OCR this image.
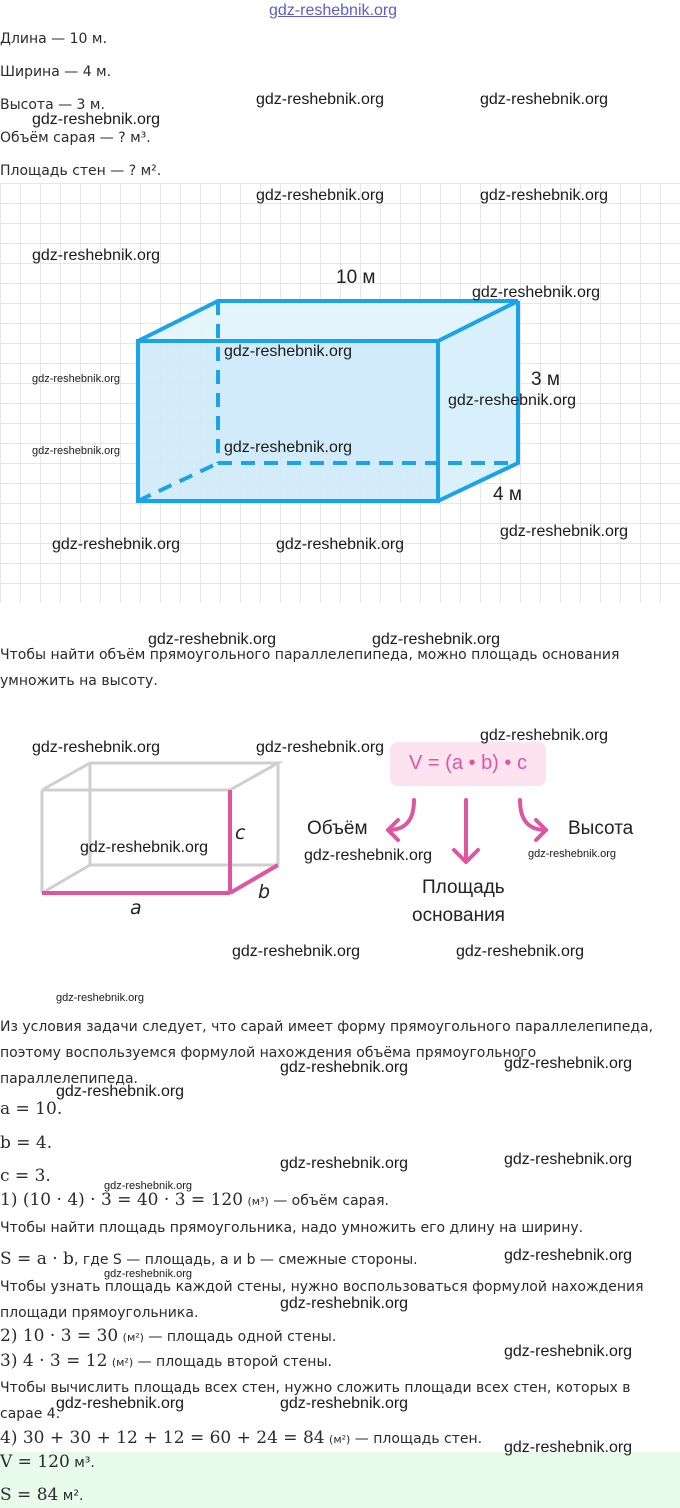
gdz-reshebnik.org
Длина — 10 м.
Ширина — 4 м.
Высота — 3 м.
Объём сарая — ? м³.
Площадь стен — ? м².
10 м
3 м
4 м
Чтобы найти объём прямоугольного параллелепипеда, можно площадь основания умножить на высоту.
a
b
c
V = (a • b) • c
Объём	Высота
Площадь
основания
Из условия задачи следует, что сарай имеет форму прямоугольного параллелепипеда, поэтому воспользуемся формулой нахождения объёма прямоугольного параллелепипеда.
a = 10.
b = 4.
c = 3.
1) (10 · 4) · 3 = 40 · 3 = 120 (м³) — объём сарая.
Чтобы найти площадь прямоугольника, надо умножить его длину на ширину.
S = a · b, где S — площадь, a и b — смежные стороны.
Чтобы узнать площадь каждой стены, нужно воспользоваться формулой нахождения площади прямоугольника.
2) 10 · 3 = 30 (м²) — площадь одной стены.
3) 4 · 3 = 12 (м²) — площадь второй стены.
Чтобы вычислить площадь всех стен, нужно сложить площади всех стен, которых в сарае 4.
4) 30 + 30 + 12 + 12 = 60 + 24 = 84 (м²) — площадь стен.
V = 120 м³.
S = 84 м².
gdz-reshebnik.org	gdz-reshebnik.org
gdz-reshebnik.org
gdz-reshebnik.org	gdz-reshebnik.org
gdz-reshebnik.org
gdz-reshebnik.org
gdz-reshebnik.org
gdz-reshebnik.org
gdz-reshebnik.org
gdz-reshebnik.org	gdz-reshebnik.org
gdz-reshebnik.org
gdz-reshebnik.org	gdz-reshebnik.org
gdz-reshebnik.org	gdz-reshebnik.org
gdz-reshebnik.org
gdz-reshebnik.org	gdz-reshebnik.org
gdz-reshebnik.org	gdz-reshebnik.org	gdz-reshebnik.org
gdz-reshebnik.org	gdz-reshebnik.org
gdz-reshebnik.org
gdz-reshebnik.org	gdz-reshebnik.org
gdz-reshebnik.org
gdz-reshebnik.org	gdz-reshebnik.org
gdz-reshebnik.org
gdz-reshebnik.org
gdz-reshebnik.org
gdz-reshebnik.org
gdz-reshebnik.org
gdz-reshebnik.org	gdz-reshebnik.org
gdz-reshebnik.org
